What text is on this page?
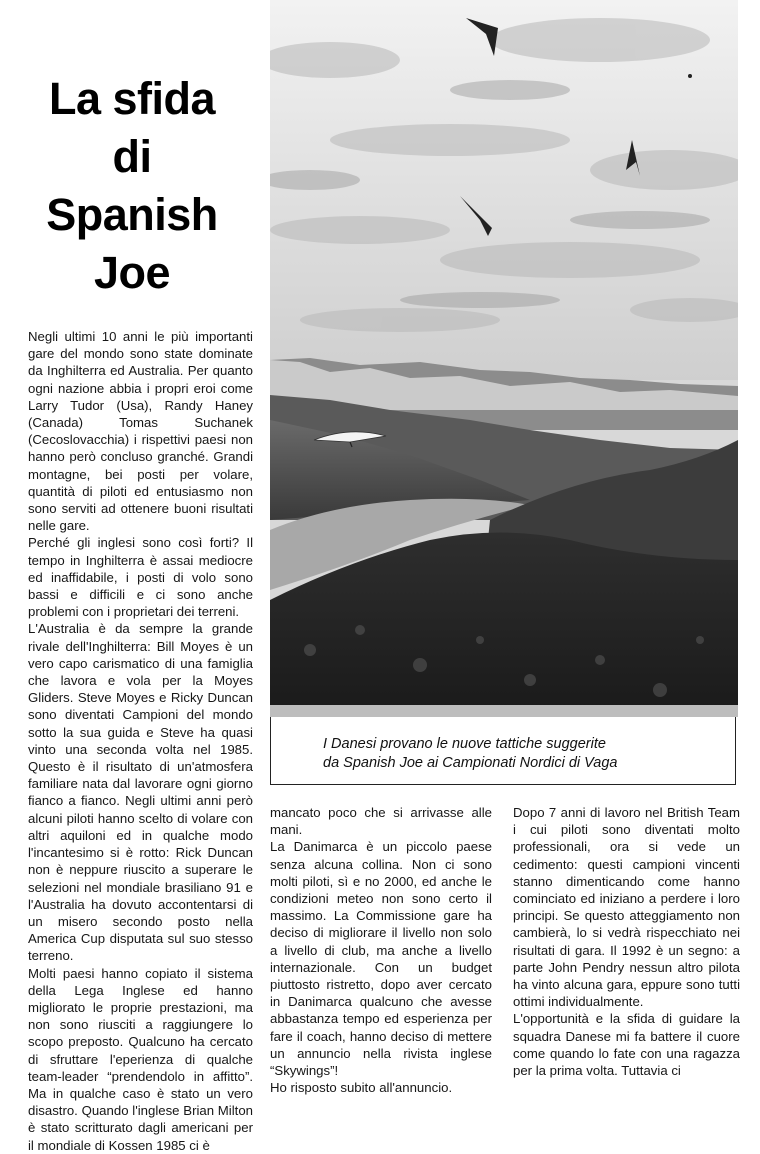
La sfida
di
Spanish
Joe

Negli ultimi 10 anni le più importanti gare del mondo sono state dominate da Inghilterra ed Australia. Per quanto ogni nazione abbia i propri eroi come Larry Tudor (Usa), Randy Haney (Canada) Tomas Suchanek (Cecoslovacchia) i rispettivi paesi non hanno però concluso granché. Grandi montagne, bei posti per volare, quantità di piloti ed entusiasmo non sono serviti ad ottenere buoni risultati nelle gare.

Perché gli inglesi sono così forti? Il tempo in Inghilterra è assai mediocre ed inaffidabile, i posti di volo sono bassi e difficili e ci sono anche problemi con i proprietari dei terreni.

L'Australia è da sempre la grande rivale dell'Inghilterra: Bill Moyes è un vero capo carismatico di una famiglia che lavora e vola per la Moyes Gliders. Steve Moyes e Ricky Duncan sono diventati Campioni del mondo sotto la sua guida e Steve ha quasi vinto una seconda volta nel 1985. Questo è il risultato di un'atmosfera familiare nata dal lavorare ogni giorno fianco a fianco. Negli ultimi anni però alcuni piloti hanno scelto di volare con altri aquiloni ed in qualche modo l'incantesimo si è rotto: Rick Duncan non è neppure riuscito a superare le selezioni nel mondiale brasiliano 91 e l'Australia ha dovuto accontentarsi di un misero secondo posto nella America Cup disputata sul suo stesso terreno.

Molti paesi hanno copiato il sistema della Lega Inglese ed hanno migliorato le proprie prestazioni, ma non sono riusciti a raggiungere lo scopo preposto. Qualcuno ha cercato di sfruttare l'eperienza di qualche team-leader “prendendolo in affitto”. Ma in qualche caso è stato un vero disastro. Quando l'inglese Brian Milton è stato scritturato dagli americani per il mondiale di Kossen 1985 ci è

I Danesi provano le nuove tattiche suggerite
da Spanish Joe ai Campionati Nordici di Vaga

mancato poco che si arrivasse alle mani.

La Danimarca è un piccolo paese senza alcuna collina. Non ci sono molti piloti, sì e no 2000, ed anche le condizioni meteo non sono certo il massimo. La Commissione gare ha deciso di migliorare il livello non solo a livello di club, ma anche a livello internazionale. Con un budget piuttosto ristretto, dopo aver cercato in Danimarca qualcuno che avesse abbastanza tempo ed esperienza per fare il coach, hanno deciso di mettere un annuncio nella rivista inglese “Skywings”!

Ho risposto subito all'annuncio.

Dopo 7 anni di lavoro nel British Team i cui piloti sono diventati molto professionali, ora si vede un cedimento: questi campioni vincenti stanno dimenticando come hanno cominciato ed iniziano a perdere i loro principi. Se questo atteggiamento non cambierà, lo si vedrà rispecchiato nei risultati di gara. Il 1992 è un segno: a parte John Pendry nessun altro pilota ha vinto alcuna gara, eppure sono tutti ottimi individualmente.

L'opportunità e la sfida di guidare la squadra Danese mi fa battere il cuore come quando lo fate con una ragazza per la prima volta. Tuttavia ci
